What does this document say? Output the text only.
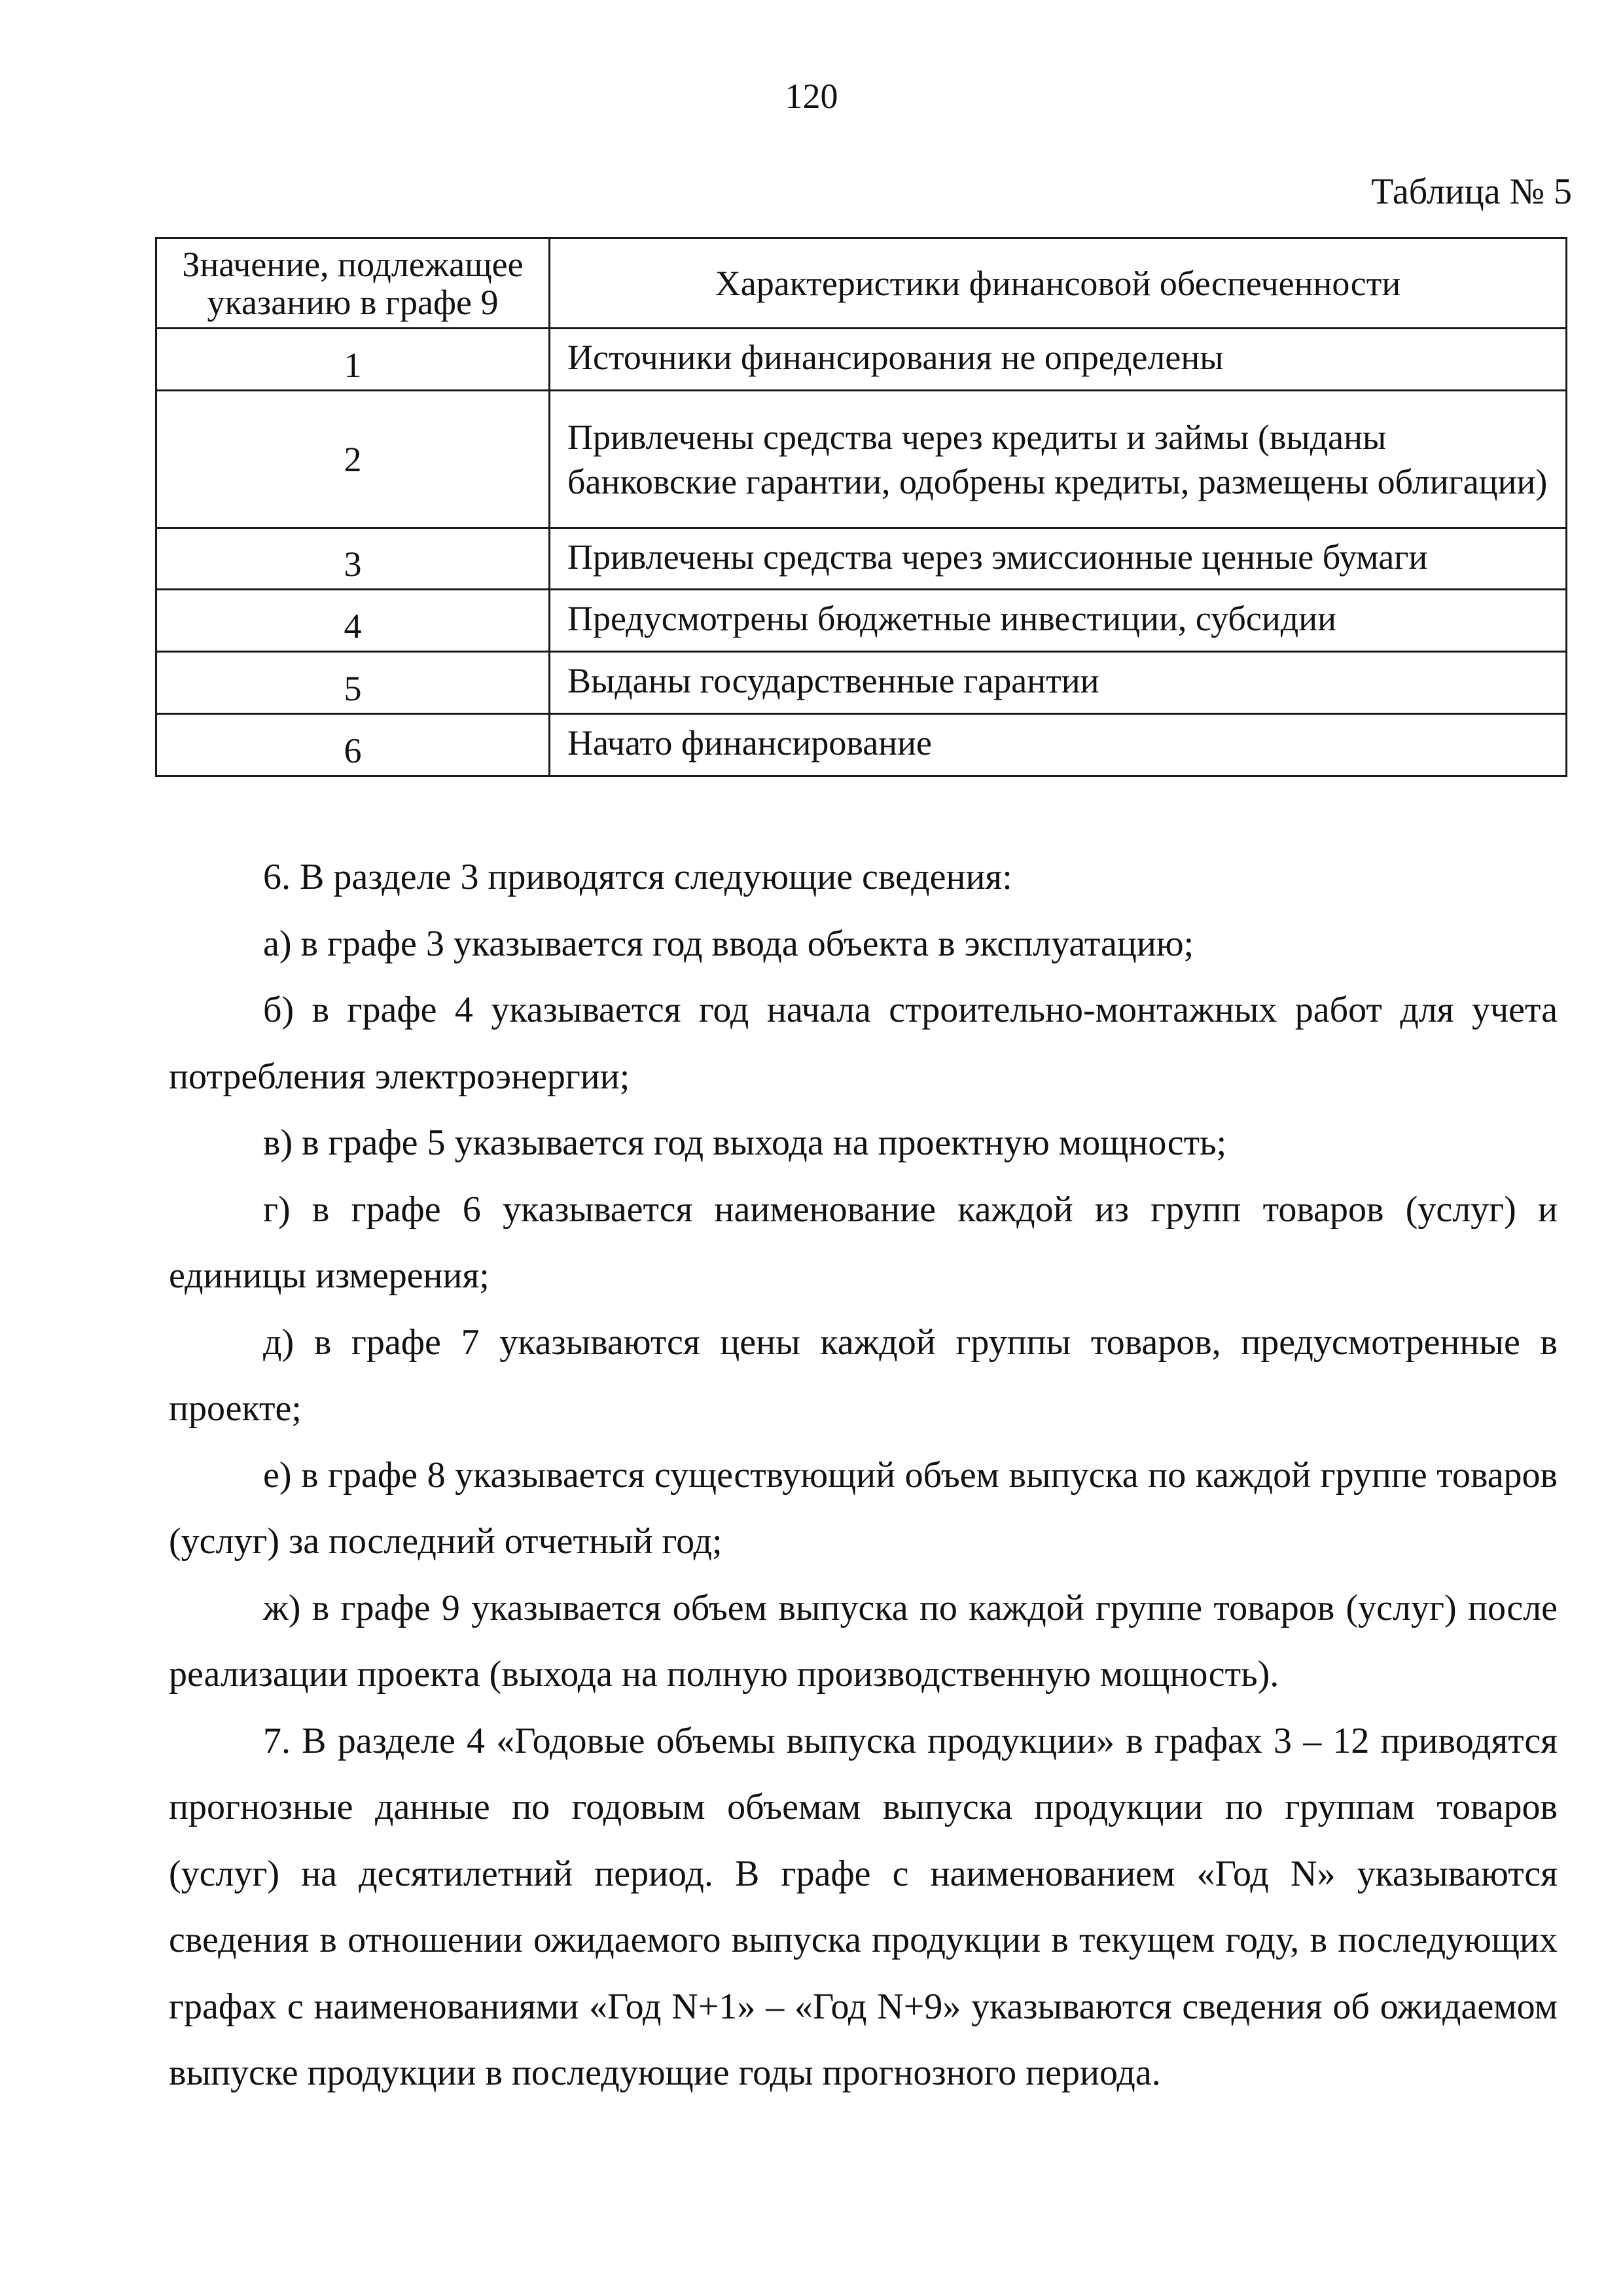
120
Таблица № 5
Значение, подлежащее указанию в графе 9	Характеристики финансовой обеспеченности
1	Источники финансирования не определены
2	Привлечены средства через кредиты и займы (выданы банковские гарантии, одобрены кредиты, размещены облигации)
3	Привлечены средства через эмиссионные ценные бумаги
4	Предусмотрены бюджетные инвестиции, субсидии
5	Выданы государственные гарантии
6	Начато финансирование

6. В разделе 3 приводятся следующие сведения:

а) в графе 3 указывается год ввода объекта в эксплуатацию;

б) в графе 4 указывается год начала строительно-монтажных работ для учета потребления электроэнергии;

в) в графе 5 указывается год выхода на проектную мощность;

г) в графе 6 указывается наименование каждой из групп товаров (услуг) и единицы измерения;

д) в графе 7 указываются цены каждой группы товаров, предусмотренные в проекте;

е) в графе 8 указывается существующий объем выпуска по каждой группе товаров (услуг) за последний отчетный год;

ж) в графе 9 указывается объем выпуска по каждой группе товаров (услуг) после реализации проекта (выхода на полную производственную мощность).

7. В разделе 4 «Годовые объемы выпуска продукции» в графах 3 – 12 приводятся прогнозные данные по годовым объемам выпуска продукции по группам товаров (услуг) на десятилетний период. В графе с наименованием «Год N» указываются сведения в отношении ожидаемого выпуска продукции в текущем году, в последующих графах с наименованиями «Год N+1» – «Год N+9» указываются сведения об ожидаемом выпуске продукции в последующие годы прогнозного периода.
